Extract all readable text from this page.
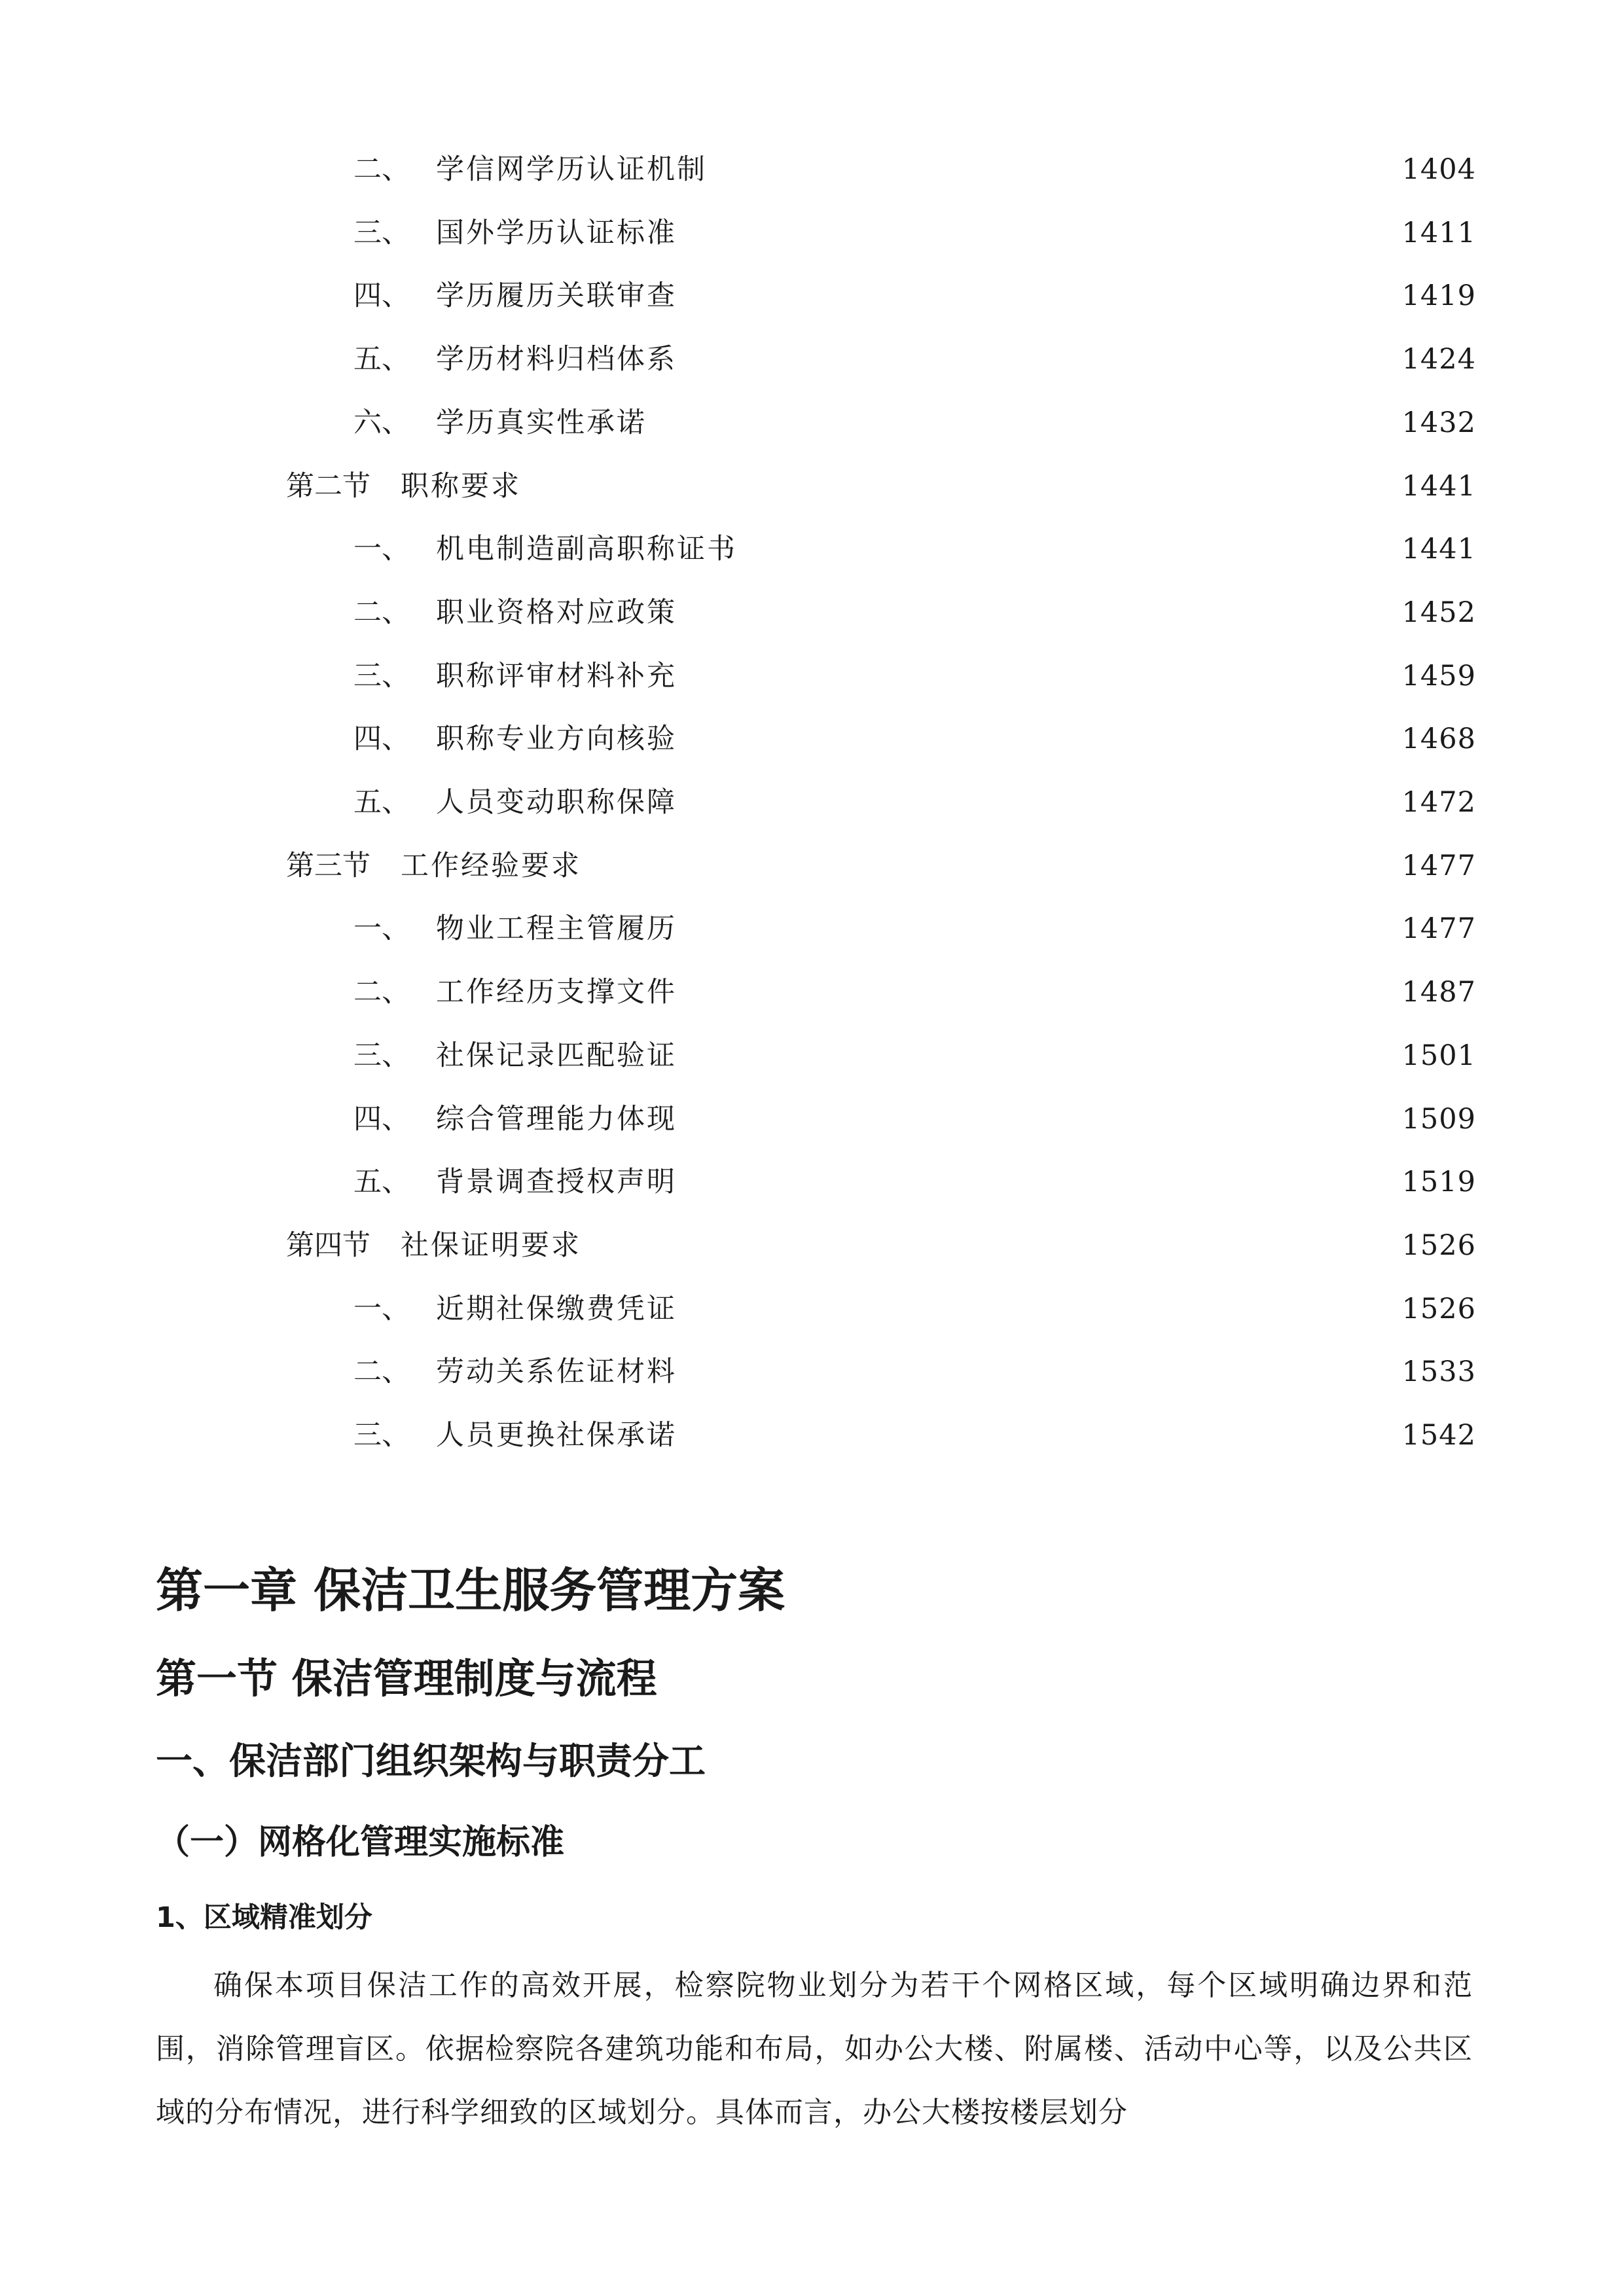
二、 学信网学历认证机制	1404
三、 国外学历认证标准	1411
四、 学历履历关联审查	1419
五、 学历材料归档体系	1424
六、 学历真实性承诺	1432
第二节	职称要求	1441
一、 机电制造副高职称证书	1441
二、 职业资格对应政策	1452
三、 职称评审材料补充	1459
四、 职称专业方向核验	1468
五、 人员变动职称保障	1472
第三节	工作经验要求	1477
一、 物业工程主管履历	1477
二、 工作经历支撑文件	1487
三、 社保记录匹配验证	1501
四、 综合管理能力体现	1509
五、 背景调查授权声明	1519
第四节	社保证明要求	1526
一、 近期社保缴费凭证	1526
二、 劳动关系佐证材料	1533
三、 人员更换社保承诺	1542
第一章 保洁卫生服务管理方案
第一节 保洁管理制度与流程
一、保洁部门组织架构与职责分工
（一）网格化管理实施标准
1、区域精准划分
确保本项目保洁工作的高效开展，检察院物业划分为若干个网格区域，每个区域明确边界和范围，消除管理盲区。依据检察院各建筑功能和布局，如办公大楼、附属楼、活动中心等，以及公共区域的分布情况，进行科学细致的区域划分。具体而言，办公大楼按楼层划分
